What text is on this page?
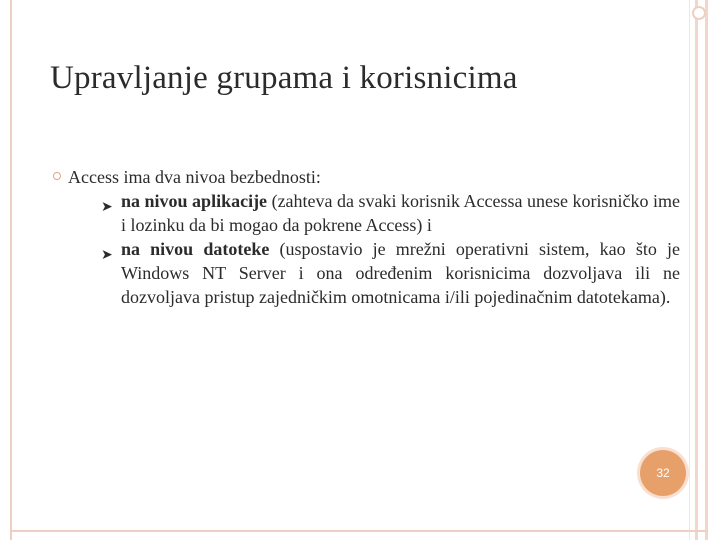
Upravljanje grupama i korisnicima
Access ima dva nivoa bezbednosti:
➤ na nivou aplikacije (zahteva da svaki korisnik Accessa unese korisničko ime i lozinku da bi mogao da pokrene Access) i
➤ na nivou datoteke (uspostavio je mrežni operativni sistem, kao što je Windows NT Server i ona određenim korisnicima dozvoljava ili ne dozvoljava pristup zajedničkim omotnicama i/ili pojedinačnim datotekama).
32
